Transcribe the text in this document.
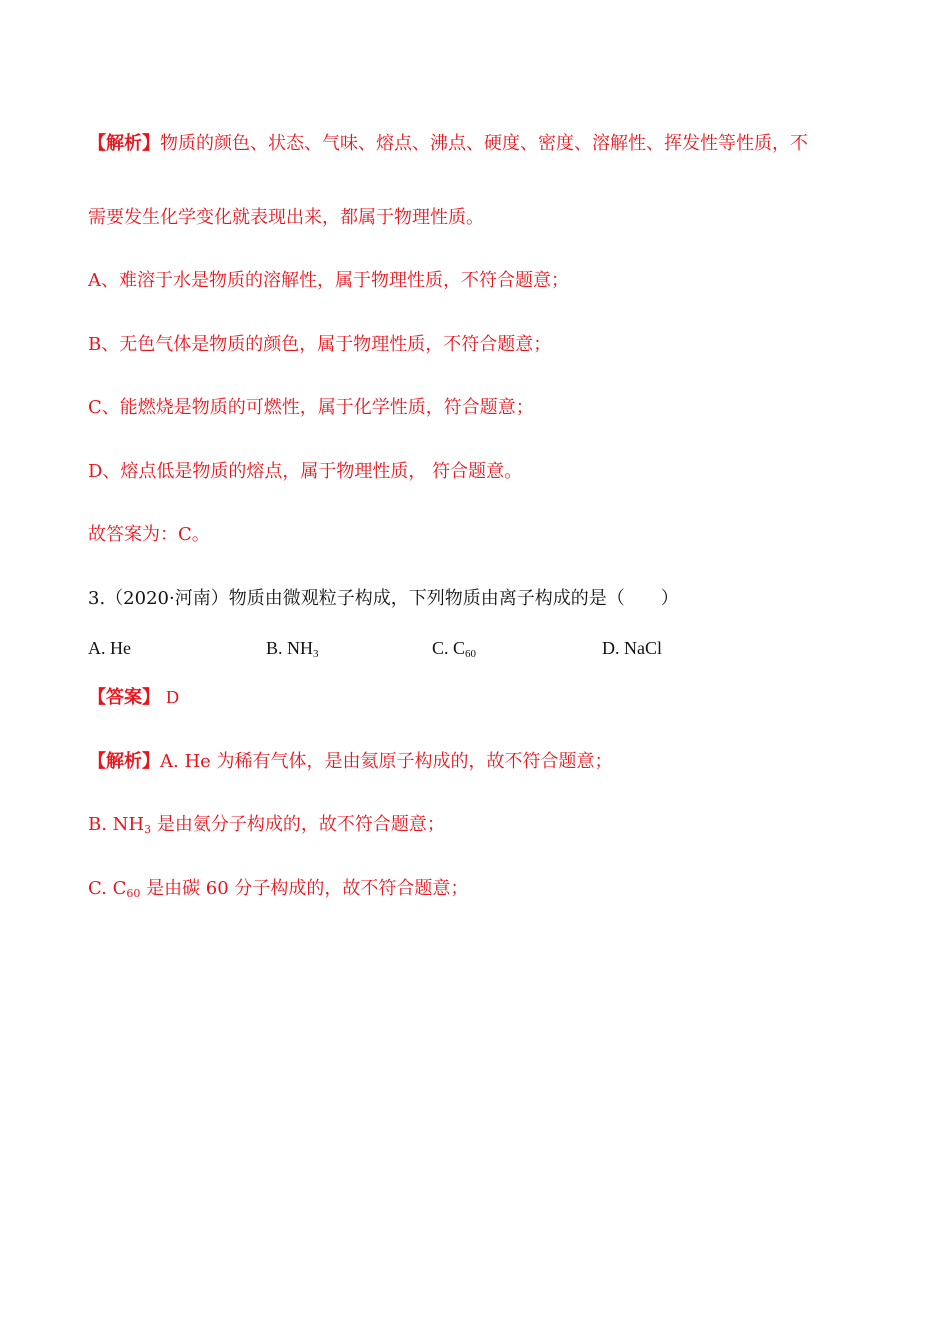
【解析】物质的颜色、状态、气味、熔点、沸点、硬度、密度、溶解性、挥发性等性质，不
需要发生化学变化就表现出来，都属于物理性质。
A、难溶于水是物质的溶解性，属于物理性质，不符合题意；
B、无色气体是物质的颜色，属于物理性质，不符合题意；
C、能燃烧是物质的可燃性，属于化学性质，符合题意；
D、熔点低是物质的熔点，属于物理性质， 符合题意。
故答案为：C。
3.（2020·河南）物质由微观粒子构成，下列物质由离子构成的是（　　）
A. He	B. $NH_3$	C. $C_{60}$	D. NaCl
【答案】 D
【解析】A. He 为稀有气体，是由氦原子构成的，故不符合题意；
B. $NH_3$ 是由氨分子构成的，故不符合题意；
C. $C_{60}$ 是由碳 60 分子构成的，故不符合题意；
